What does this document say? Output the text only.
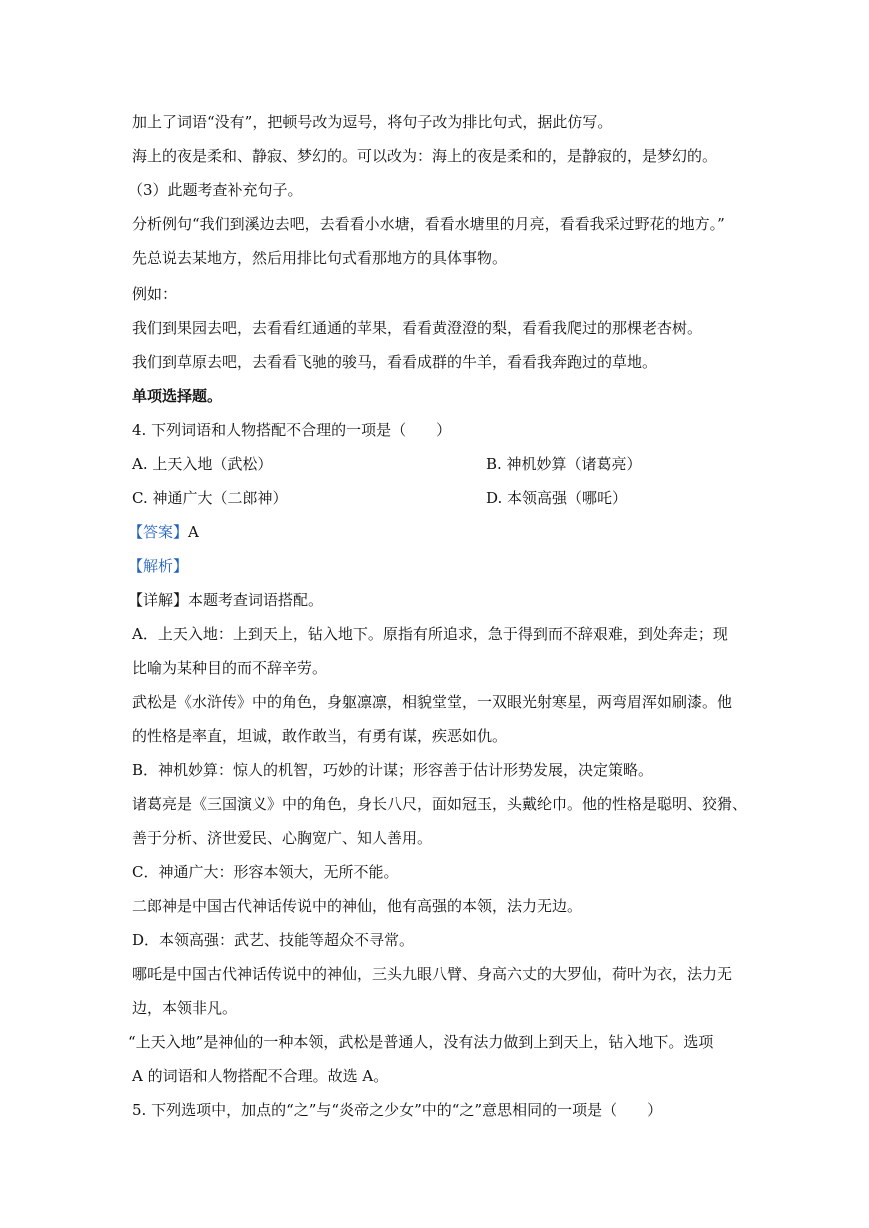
加上了词语“没有”，把顿号改为逗号，将句子改为排比句式，据此仿写。
海上的夜是柔和、静寂、梦幻的。可以改为：海上的夜是柔和的，是静寂的，是梦幻的。
（3）此题考查补充句子。
分析例句“我们到溪边去吧，去看看小水塘，看看水塘里的月亮，看看我采过野花的地方。”
先总说去某地方，然后用排比句式看那地方的具体事物。
例如：
我们到果园去吧，去看看红通通的苹果，看看黄澄澄的梨，看看我爬过的那棵老杏树。
我们到草原去吧，去看看飞驰的骏马，看看成群的牛羊，看看我奔跑过的草地。
单项选择题。
4. 下列词语和人物搭配不合理的一项是（　　）
A. 上天入地（武松）	B. 神机妙算（诸葛亮）
C. 神通广大（二郎神）	D. 本领高强（哪吒）
【答案】A
【解析】
【详解】本题考查词语搭配。
A．上天入地：上到天上，钻入地下。原指有所追求，急于得到而不辞艰难，到处奔走；现
比喻为某种目的而不辞辛劳。
武松是《水浒传》中的角色，身躯凛凛，相貌堂堂，一双眼光射寒星，两弯眉浑如刷漆。他
的性格是率直，坦诚，敢作敢当，有勇有谋，疾恶如仇。
B．神机妙算：惊人的机智，巧妙的计谋；形容善于估计形势发展，决定策略。
诸葛亮是《三国演义》中的角色，身长八尺，面如冠玉，头戴纶巾。他的性格是聪明、狡猾、
善于分析、济世爱民、心胸宽广、知人善用。
C．神通广大：形容本领大，无所不能。
二郎神是中国古代神话传说中的神仙，他有高强的本领，法力无边。
D．本领高强：武艺、技能等超众不寻常。
哪吒是中国古代神话传说中的神仙，三头九眼八臂、身高六丈的大罗仙，荷叶为衣，法力无
边，本领非凡。
“上天入地”是神仙的一种本领，武松是普通人，没有法力做到上到天上，钻入地下。选项
A 的词语和人物搭配不合理。故选 A。
5. 下列选项中，加点的“之”与“炎帝之少女”中的“之”意思相同的一项是（　　）
